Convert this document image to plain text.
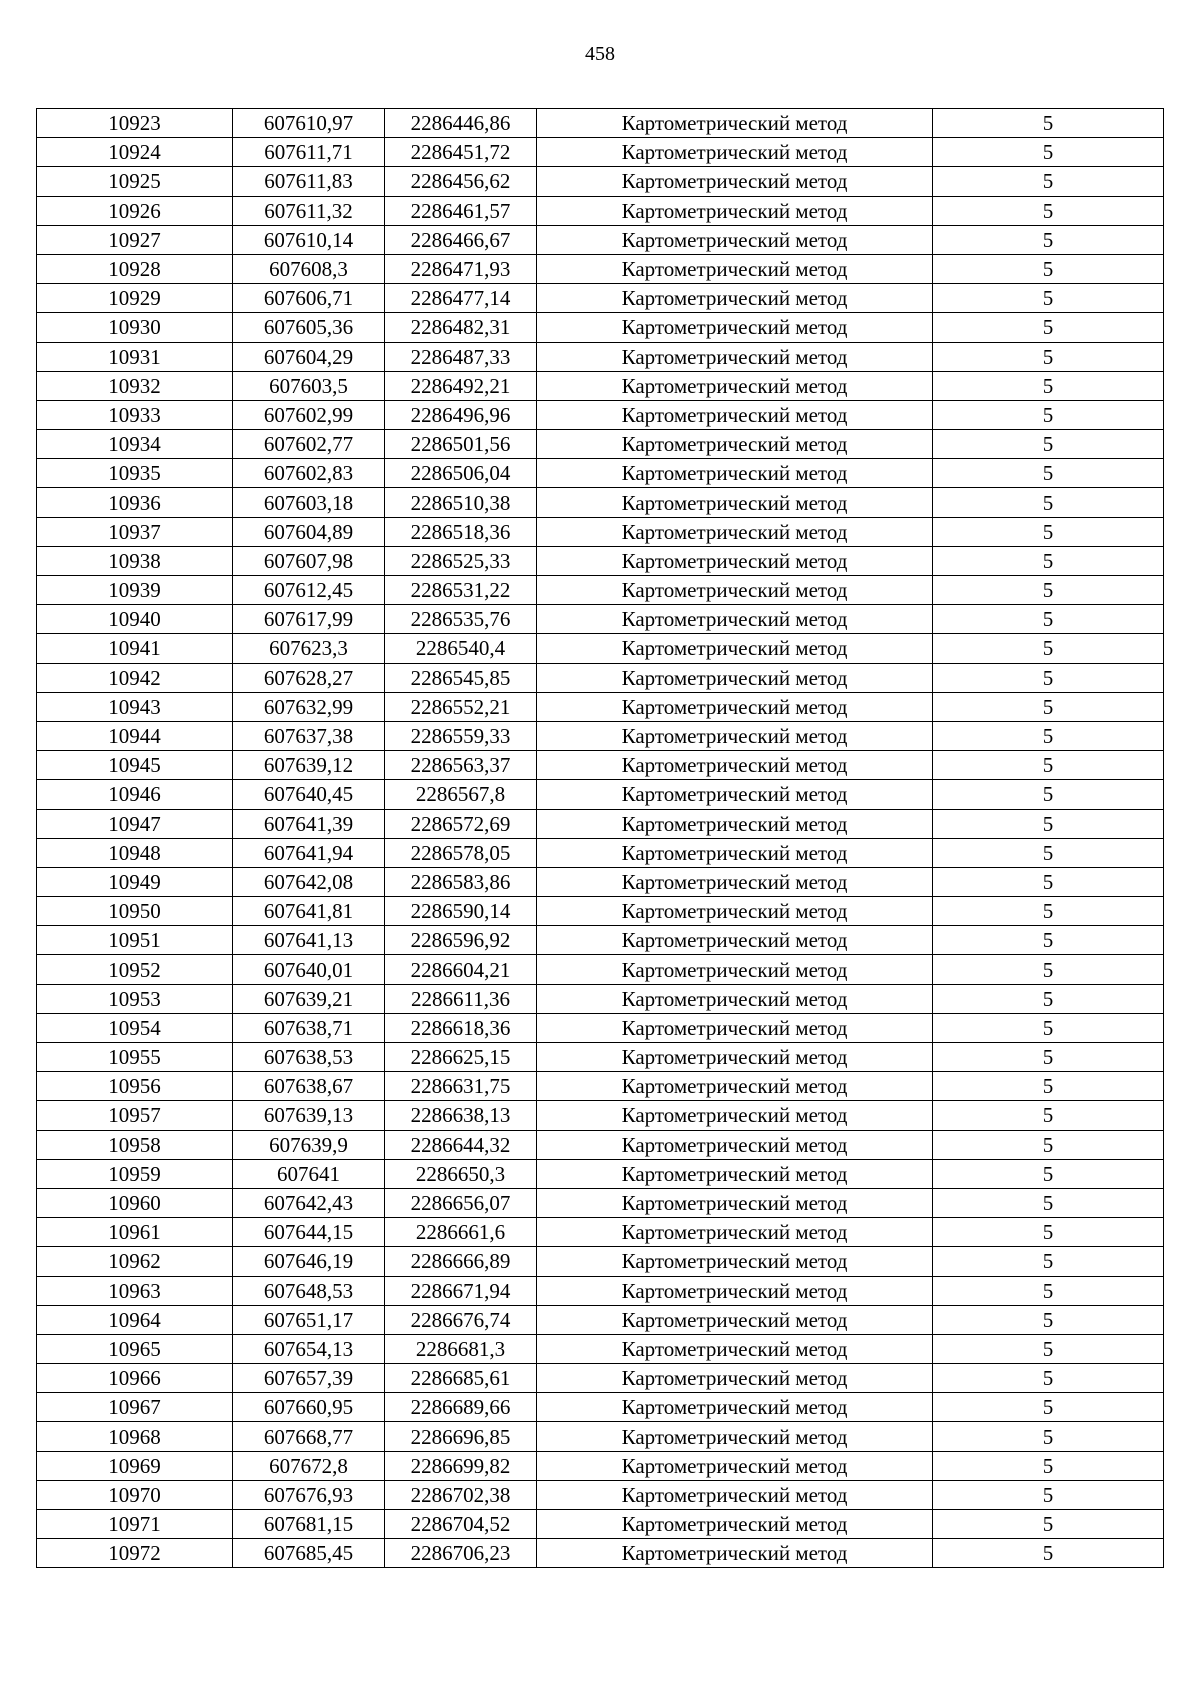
458
10923	607610,97	2286446,86	Картометрический метод	5
10924	607611,71	2286451,72	Картометрический метод	5
10925	607611,83	2286456,62	Картометрический метод	5
10926	607611,32	2286461,57	Картометрический метод	5
10927	607610,14	2286466,67	Картометрический метод	5
10928	607608,3	2286471,93	Картометрический метод	5
10929	607606,71	2286477,14	Картометрический метод	5
10930	607605,36	2286482,31	Картометрический метод	5
10931	607604,29	2286487,33	Картометрический метод	5
10932	607603,5	2286492,21	Картометрический метод	5
10933	607602,99	2286496,96	Картометрический метод	5
10934	607602,77	2286501,56	Картометрический метод	5
10935	607602,83	2286506,04	Картометрический метод	5
10936	607603,18	2286510,38	Картометрический метод	5
10937	607604,89	2286518,36	Картометрический метод	5
10938	607607,98	2286525,33	Картометрический метод	5
10939	607612,45	2286531,22	Картометрический метод	5
10940	607617,99	2286535,76	Картометрический метод	5
10941	607623,3	2286540,4	Картометрический метод	5
10942	607628,27	2286545,85	Картометрический метод	5
10943	607632,99	2286552,21	Картометрический метод	5
10944	607637,38	2286559,33	Картометрический метод	5
10945	607639,12	2286563,37	Картометрический метод	5
10946	607640,45	2286567,8	Картометрический метод	5
10947	607641,39	2286572,69	Картометрический метод	5
10948	607641,94	2286578,05	Картометрический метод	5
10949	607642,08	2286583,86	Картометрический метод	5
10950	607641,81	2286590,14	Картометрический метод	5
10951	607641,13	2286596,92	Картометрический метод	5
10952	607640,01	2286604,21	Картометрический метод	5
10953	607639,21	2286611,36	Картометрический метод	5
10954	607638,71	2286618,36	Картометрический метод	5
10955	607638,53	2286625,15	Картометрический метод	5
10956	607638,67	2286631,75	Картометрический метод	5
10957	607639,13	2286638,13	Картометрический метод	5
10958	607639,9	2286644,32	Картометрический метод	5
10959	607641	2286650,3	Картометрический метод	5
10960	607642,43	2286656,07	Картометрический метод	5
10961	607644,15	2286661,6	Картометрический метод	5
10962	607646,19	2286666,89	Картометрический метод	5
10963	607648,53	2286671,94	Картометрический метод	5
10964	607651,17	2286676,74	Картометрический метод	5
10965	607654,13	2286681,3	Картометрический метод	5
10966	607657,39	2286685,61	Картометрический метод	5
10967	607660,95	2286689,66	Картометрический метод	5
10968	607668,77	2286696,85	Картометрический метод	5
10969	607672,8	2286699,82	Картометрический метод	5
10970	607676,93	2286702,38	Картометрический метод	5
10971	607681,15	2286704,52	Картометрический метод	5
10972	607685,45	2286706,23	Картометрический метод	5
